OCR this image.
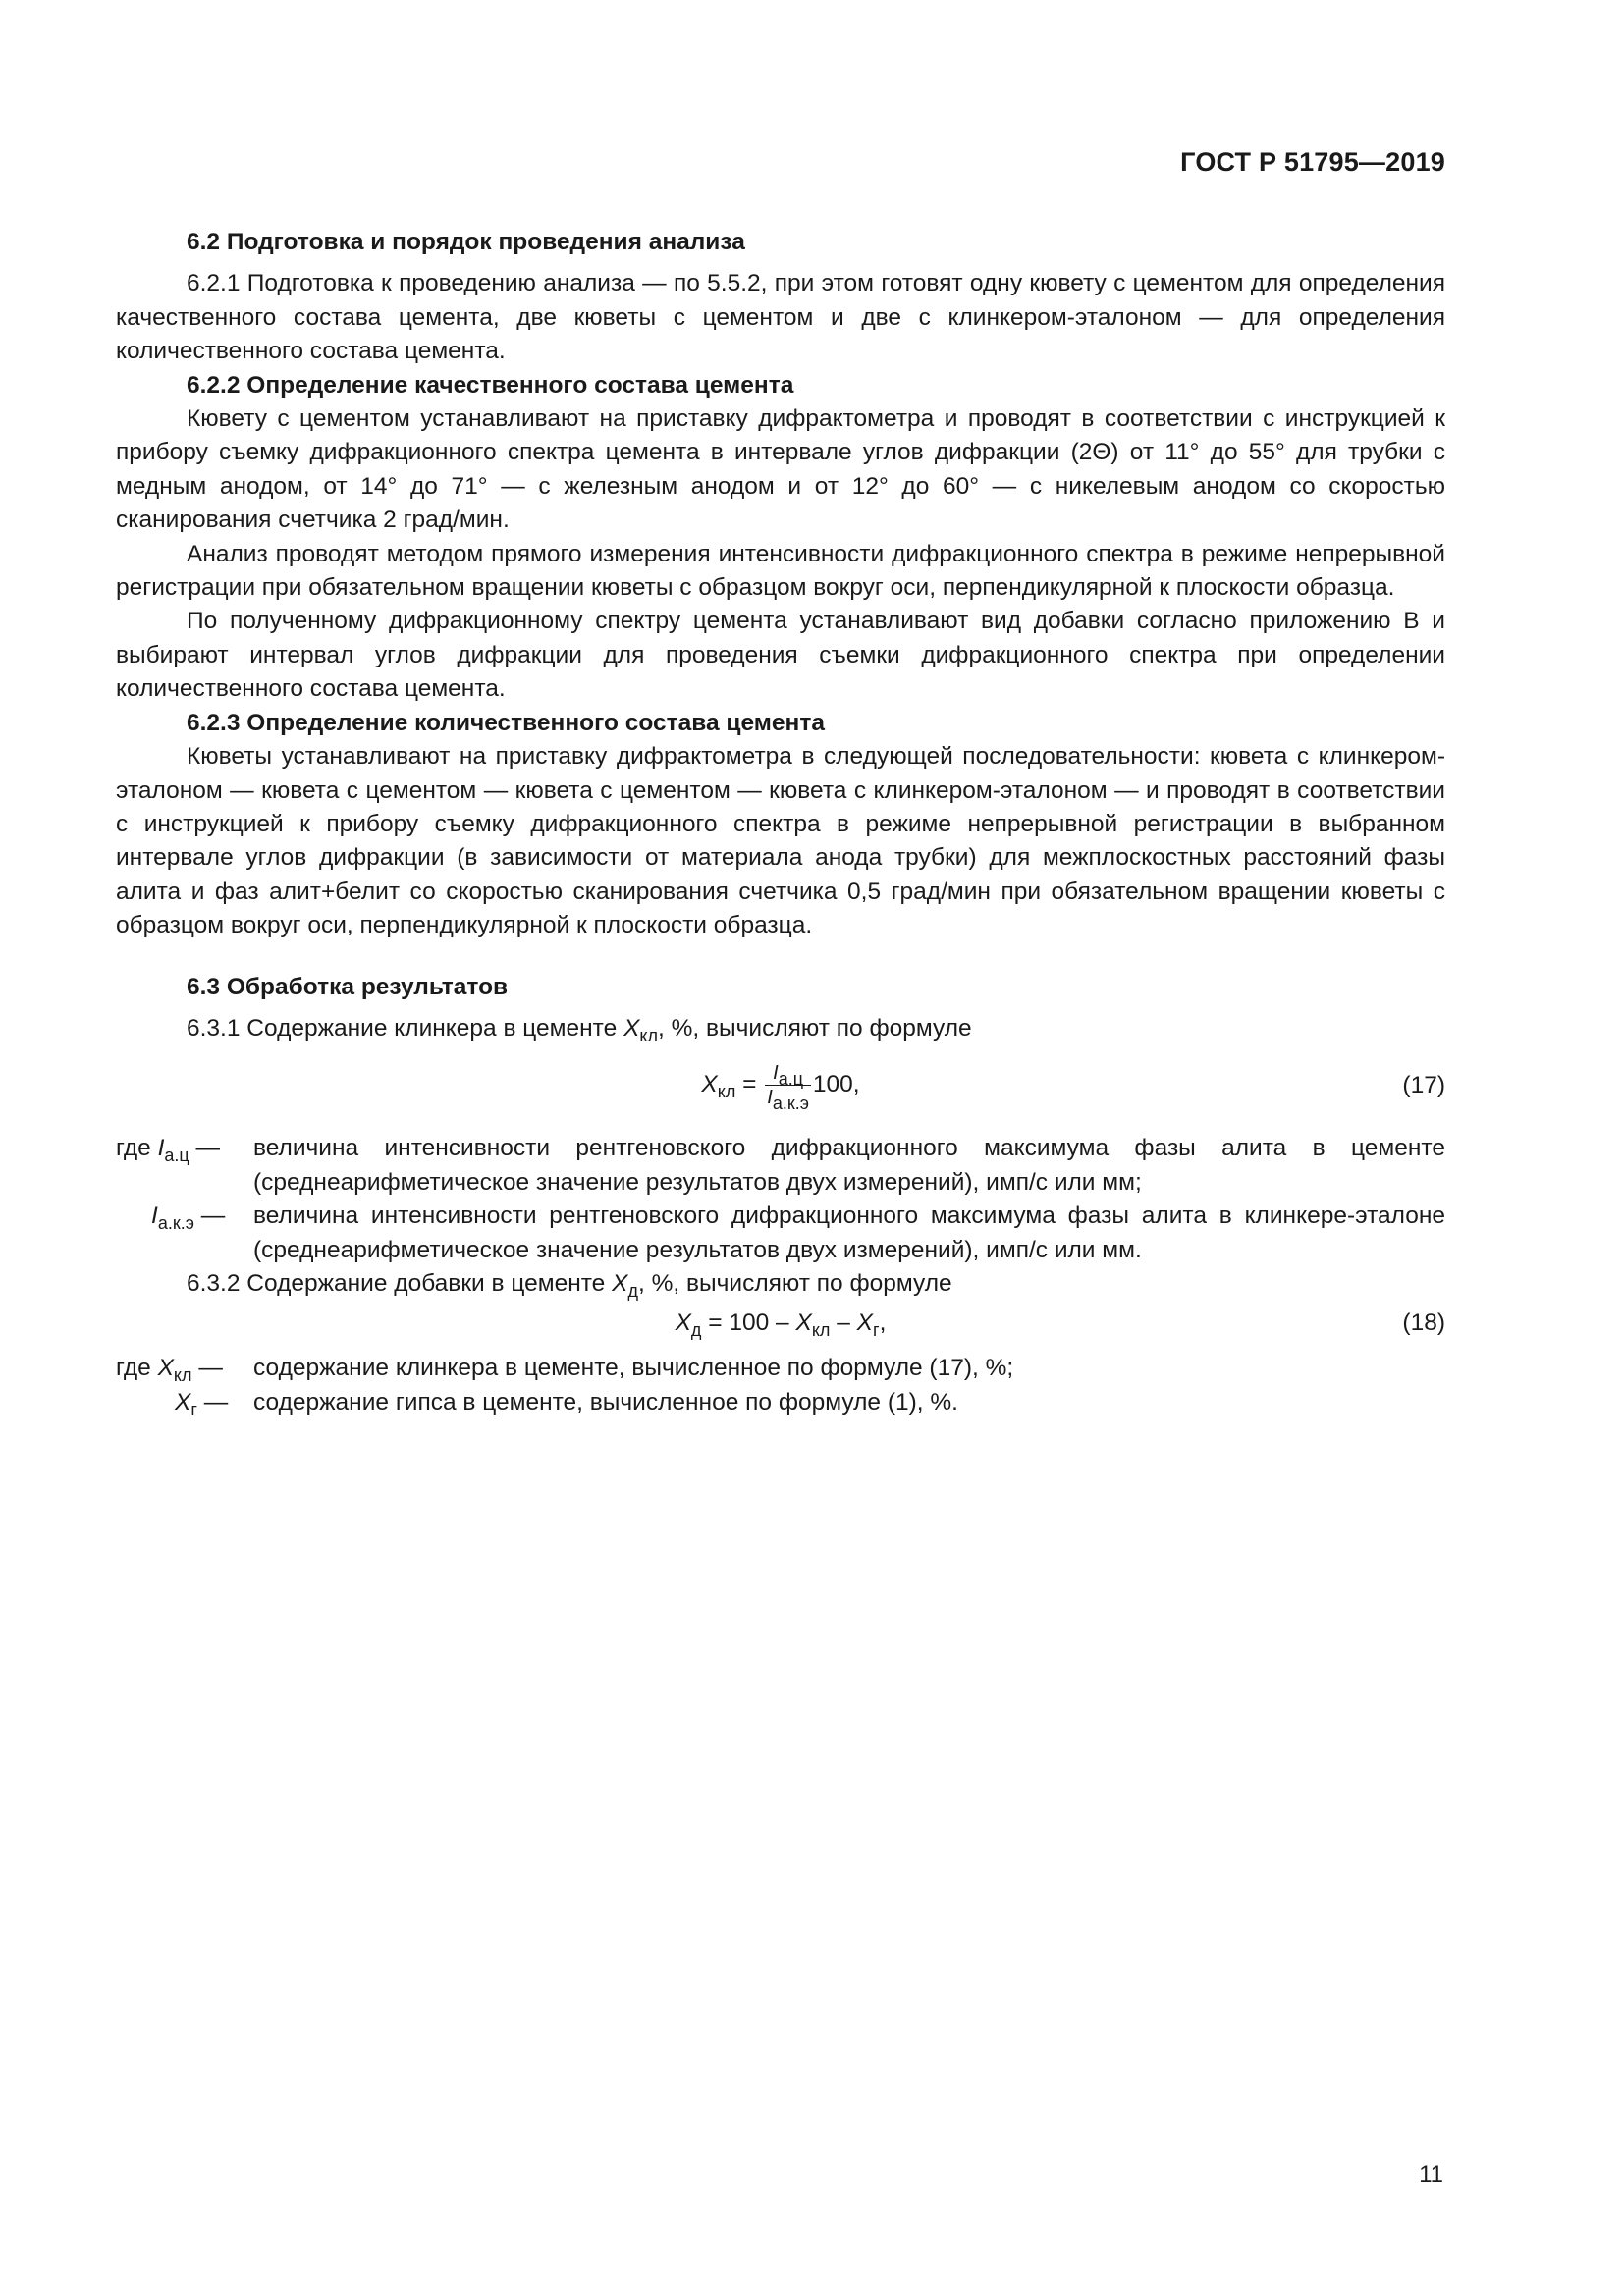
ГОСТ Р 51795—2019

6.2 Подготовка и порядок проведения анализа

6.2.1 Подготовка к проведению анализа — по 5.5.2, при этом готовят одну кювету с цементом для определения качественного состава цемента, две кюветы с цементом и две с клинкером-эталоном — для определения количественного состава цемента.

6.2.2 Определение качественного состава цемента

Кювету с цементом устанавливают на приставку дифрактометра и проводят в соответствии с инструкцией к прибору съемку дифракционного спектра цемента в интервале углов дифракции (2Θ) от 11° до 55° для трубки с медным анодом, от 14° до 71° — с железным анодом и от 12° до 60° — с никелевым анодом со скоростью сканирования счетчика 2 град/мин.

Анализ проводят методом прямого измерения интенсивности дифракционного спектра в режиме непрерывной регистрации при обязательном вращении кюветы с образцом вокруг оси, перпендикулярной к плоскости образца.

По полученному дифракционному спектру цемента устанавливают вид добавки согласно приложению В и выбирают интервал углов дифракции для проведения съемки дифракционного спектра при определении количественного состава цемента.

6.2.3 Определение количественного состава цемента

Кюветы устанавливают на приставку дифрактометра в следующей последовательности: кювета с клинкером-эталоном — кювета с цементом — кювета с цементом — кювета с клинкером-эталоном — и проводят в соответствии с инструкцией к прибору съемку дифракционного спектра в режиме непрерывной регистрации в выбранном интервале углов дифракции (в зависимости от материала анода трубки) для межплоскостных расстояний фазы алита и фаз алит+белит со скоростью сканирования счетчика 0,5 град/мин при обязательном вращении кюветы с образцом вокруг оси, перпендикулярной к плоскости образца.

6.3 Обработка результатов

6.3.1 Содержание клинкера в цементе $X_{кл}$, %, вычисляют по формуле

$X_{кл} = \frac{I_{а.ц}}{I_{а.к.э}} 100$,	(17)
где $I_{а.ц}$ —	величина интенсивности рентгеновского дифракционного максимума фазы алита в цементе (среднеарифметическое значение результатов двух измерений), имп/с или мм;
$I_{а.к.э}$ —	величина интенсивности рентгеновского дифракционного максимума фазы алита в клинкере-эталоне (среднеарифметическое значение результатов двух измерений), имп/с или мм.

6.3.2 Содержание добавки в цементе $X_д$, %, вычисляют по формуле

$X_д = 100 - X_{кл} - X_г$,	(18)
где $X_{кл}$ —	содержание клинкера в цементе, вычисленное по формуле (17), %;
$X_г$ —	содержание гипса в цементе, вычисленное по формуле (1), %.
11
